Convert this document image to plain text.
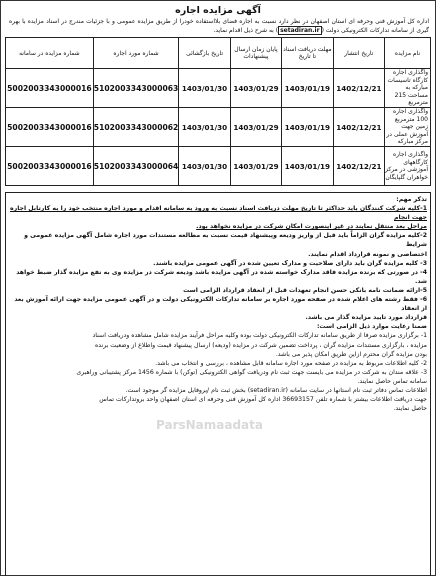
آگهی مزایده اجاره

اداره کل آموزش فنی وحرفه ای استان اصفهان در نظر دارد نسبت به اجاره فضای بلااستفاده خودرا از طریق مزایده عمومی و با جزئیات مندرج در اسناد مزایده با بهره گیری از سامانه تدارکات الکترونیکی دولت (setadiran.ir) به شرح ذیل اقدام نماید.

نام مزایده	تاریخ انتشار	مهلت دریافت اسناد تا تاریخ	پایان زمان ارسال پیشنهادات	تاریخ بازگشائی	شماره مورد اجاره	شماره مزایده در سامانه
واگذاری اجاره کارگاه تاسیسات مبارکه به مساحت 215 مترمربع	1402/12/21	1403/01/19	1403/01/29	1403/01/30	5102003343000063	5002003343000016
واگذاری اجاره 100 مترمربع زمین جهت آموزش عملی در مرکز مبارکه	1402/12/21	1403/01/19	1403/01/29	1403/01/30	5102003343000062	5002003343000016
واگذاری اجاره کارگاههای آموزشی در مرکز خواهران گلپایگان	1402/12/21	1403/01/19	1403/01/29	1403/01/30	5102003343000064	5002003343000016

تذکر مهم:

1-کلیه شرکت کنندگان باید حداکثر تا تاریخ مهلت دریافت اسناد نسبت به ورود به سامانه اقدام و مورد اجاره منتخب خود را به کارتابل اجاره جهت انجام

مراحل بعد منتقل نمایند در غیر اینصورت امکان شرکت در مزایده نخواهد بود.

2-کلیه مزایده گران الزاماً باید قبل از واریز ودیعه وپیشنهاد قیمت نسبت به مطالعه مستندات مورد اجاره شامل آگهی مزایده عمومی و شرایط

اختصاصی و نمونه قرارداد اقدام نمایند.

3- کلیه مزایده گران باید دارای صلاحیت و مدارک تعیین شده در آگهی عمومی مزایده باشند.

4- در صورتی که برنده مزایده فاقد مدارک خواسته شده در آگهی مزایده باشد ودیعه شرکت در مزایده وی به نفع مزایده گذار ضبط خواهد شد.

5-ارائه ضمانت نامه بانکی حسن انجام تعهدات قبل از انعقاد قرارداد الزامی است

6- فقط رشته های اعلام شده در صفحه مورد اجاره بر سامانه تدارکات الکترونیکی دولت و در آگهی عمومی مزایده جهت ارائه آموزش بعد از انعقاد

قرارداد مورد تایید مزایده گذار می باشد.

ضمنا رعایت موارد ذیل الزامی است:

1- برگزاری مزایده صرفا از طریق سامانه تدارکات الکترونیکی دولت بوده وکلیه مراحل فرآیند مزایده شامل مشاهده ودریافت اسناد

مزایده ، بارگزاری مستندات مزایده گران ، پرداخت تضمین شرکت در مزایده (ودیعه) ارسال پیشنهاد قیمت واطلاع از وضعیت برنده

بودن مزایده گران محترم ازاین طریق امکان پذیر می باشد.

2- کلیه اطلاعات مربوط به مزایده در صفحه مورد اجاره سامانه قابل مشاهده ، بررسی و انتخاب می باشد.

3- علاقه مندان به شرکت در مزایده می بایست جهت ثبت نام ودریافت گواهی الکترونیکی (توکن) با شماره 1456 مرکز پشتیبانی وراهبری

سامانه تماس حاصل نمایند.

اطلاعات تماس دفاتر ثبت نام استانها در سایت سامانه (setadiran.ir) بخش ثبت نام /پروفایل مزایده گر موجود است.

جهت دریافت اطلاعات بیشتر با شماره تلفن 36693157 اداره کل آموزش فنی وحرفه ای استان اصفهان واحد بر‌وتدارکات تماس

حاصل نمایند.

ParsNamaadata
